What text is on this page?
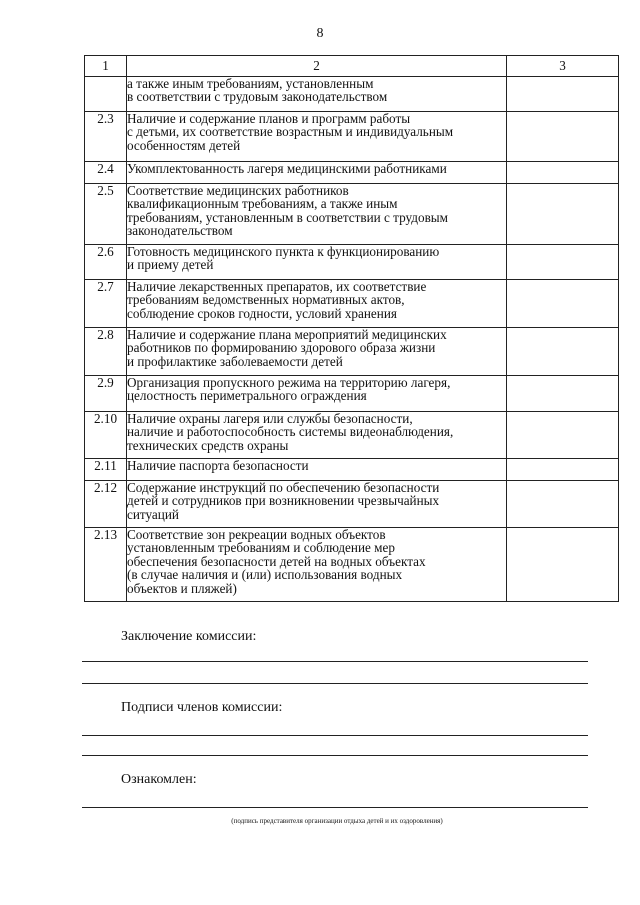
8
1	2	3
	а также иным требованиям, установленным
в соответствии с трудовым законодательством	
2.3	Наличие и содержание планов и программ работы
с детьми, их соответствие возрастным и индивидуальным
особенностям детей	
2.4	Укомплектованность лагеря медицинскими работниками	
2.5	Соответствие медицинских работников
квалификационным требованиям, а также иным
требованиям, установленным в соответствии с трудовым
законодательством	
2.6	Готовность медицинского пункта к функционированию
и приему детей	
2.7	Наличие лекарственных препаратов, их соответствие
требованиям ведомственных нормативных актов,
соблюдение сроков годности, условий хранения	
2.8	Наличие и содержание плана мероприятий медицинских
работников по формированию здорового образа жизни
и профилактике заболеваемости детей	
2.9	Организация пропускного режима на территорию лагеря,
целостность периметрального ограждения	
2.10	Наличие охраны лагеря или службы безопасности,
наличие и работоспособность системы видеонаблюдения,
технических средств охраны	
2.11	Наличие паспорта безопасности	
2.12	Содержание инструкций по обеспечению безопасности
детей и сотрудников при возникновении чрезвычайных
ситуаций	
2.13	Соответствие зон рекреации водных объектов
установленным требованиям и соблюдение мер
обеспечения безопасности детей на водных объектах
(в случае наличия и (или) использования водных
объектов и пляжей)	
Заключение комиссии:
Подписи членов комиссии:
Ознакомлен:
(подпись представителя организации отдыха детей и их оздоровления)
